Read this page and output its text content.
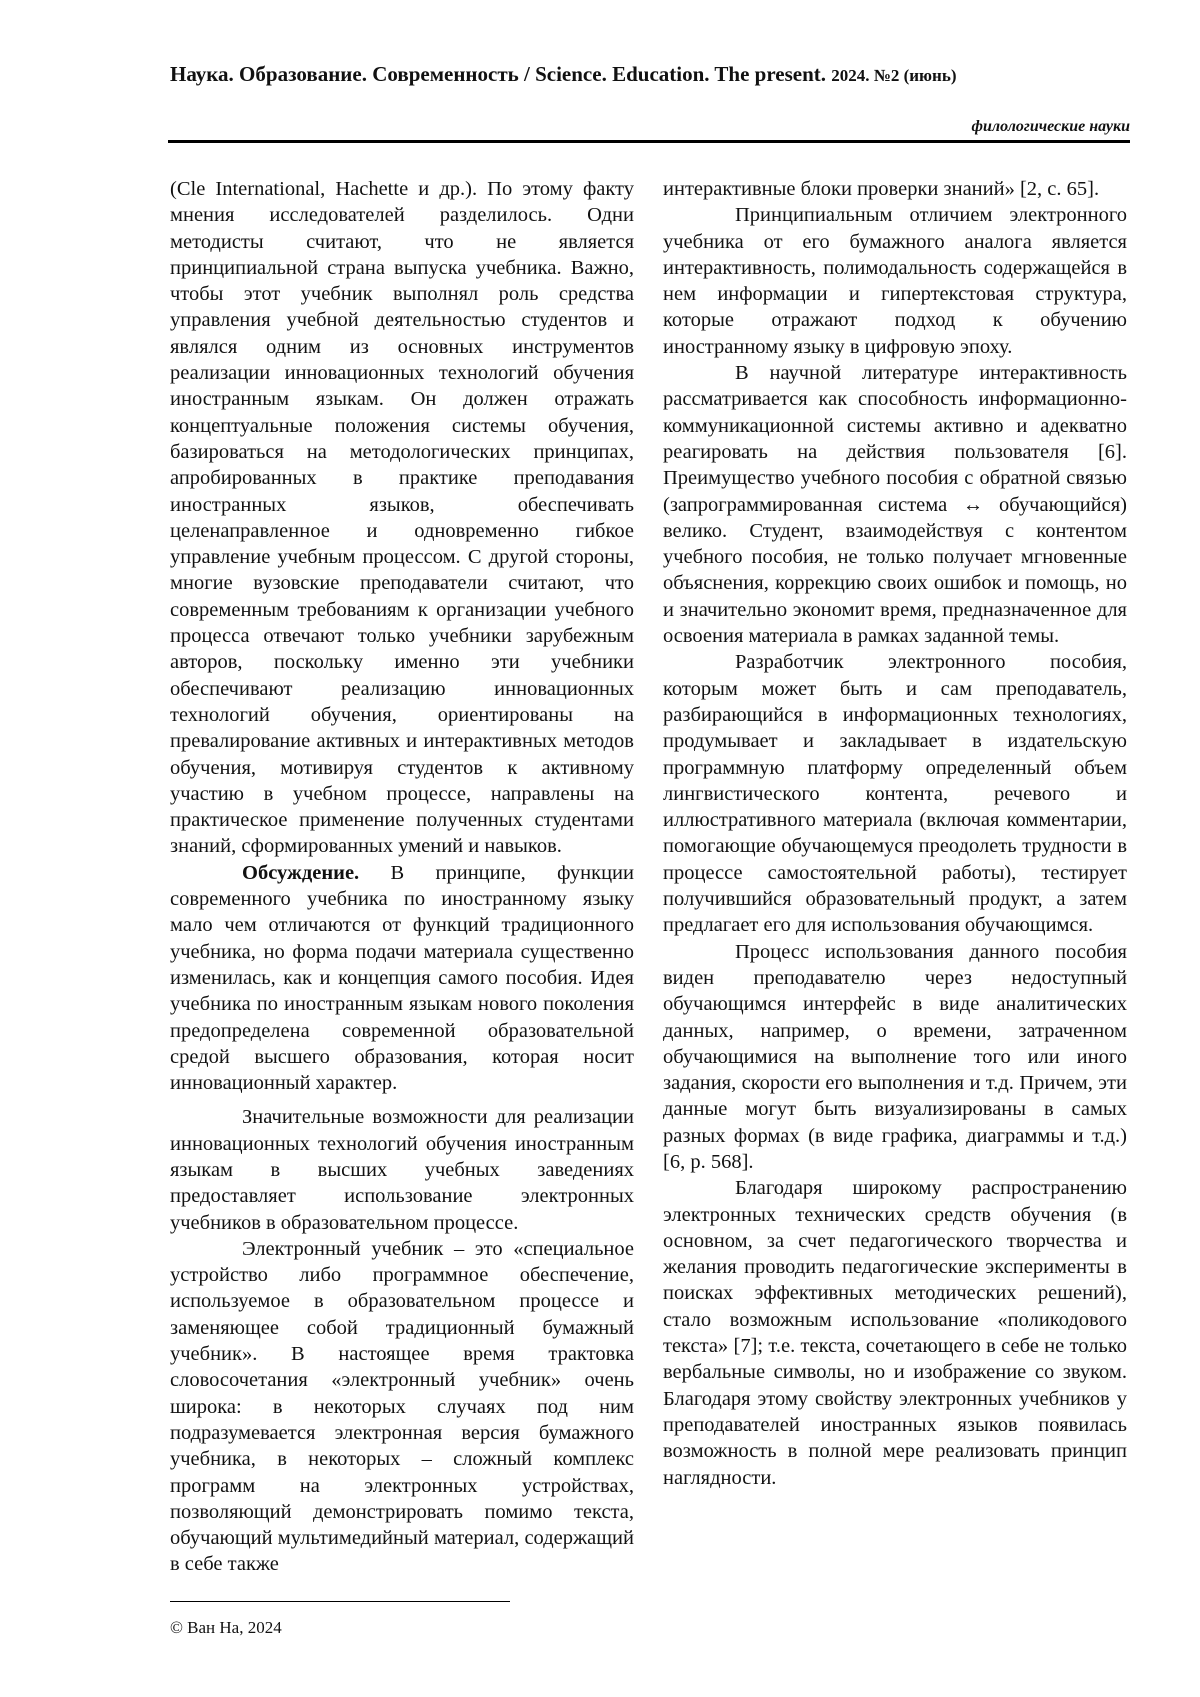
Наука. Образование. Современность / Science. Education. The present. 2024. №2 (июнь)
филологические науки

(Cle International, Hachette и др.). По этому факту мнения исследователей разделилось. Одни методисты считают, что не является принципиальной страна выпуска учебника. Важно, чтобы этот учебник выполнял роль средства управления учебной деятельностью студентов и являлся одним из основных инструментов реализации инновационных технологий обучения иностранным языкам. Он должен отражать концептуальные положения системы обучения, базироваться на методологических принципах, апробированных в практике преподавания иностранных языков, обеспечивать целенаправленное и одновременно гибкое управление учебным процессом. С другой стороны, многие вузовские преподаватели считают, что современным требованиям к организации учебного процесса отвечают только учебники зарубежным авторов, поскольку именно эти учебники обеспечивают реализацию инновационных технологий обучения, ориентированы на превалирование активных и интерактивных методов обучения, мотивируя студентов к активному участию в учебном процессе, направлены на практическое применение полученных студентами знаний, сформированных умений и навыков.

Обсуждение. В принципе, функции современного учебника по иностранному языку мало чем отличаются от функций традиционного учебника, но форма подачи материала существенно изменилась, как и концепция самого пособия. Идея учебника по иностранным языкам нового поколения предопределена современной образовательной средой высшего образования, которая носит инновационный характер.

Значительные возможности для реализации инновационных технологий обучения иностранным языкам в высших учебных заведениях предоставляет использование электронных учебников в образовательном процессе.

Электронный учебник – это «специальное устройство либо программное обеспечение, используемое в образовательном процессе и заменяющее собой традиционный бумажный учебник». В настоящее время трактовка словосочетания «электронный учебник» очень широка: в некоторых случаях под ним подразумевается электронная версия бумажного учебника, в некоторых – сложный комплекс программ на электронных устройствах, позволяющий демонстрировать помимо текста, обучающий мультимедийный материал, содержащий в себе также

интерактивные блоки проверки знаний» [2, с. 65].

Принципиальным отличием электронного учебника от его бумажного аналога является интерактивность, полимодальность содержащейся в нем информации и гипертекстовая структура, которые отражают подход к обучению иностранному языку в цифровую эпоху.

В научной литературе интерактивность рассматривается как способность информационно-коммуникационной системы активно и адекватно реагировать на действия пользователя [6]. Преимущество учебного пособия с обратной связью (запрограммированная система ↔ обучающийся) велико. Студент, взаимодействуя с контентом учебного пособия, не только получает мгновенные объяснения, коррекцию своих ошибок и помощь, но и значительно экономит время, предназначенное для освоения материала в рамках заданной темы.

Разработчик электронного пособия, которым может быть и сам преподаватель, разбирающийся в информационных технологиях, продумывает и закладывает в издательскую программную платформу определенный объем лингвистического контента, речевого и иллюстративного материала (включая комментарии, помогающие обучающемуся преодолеть трудности в процессе самостоятельной работы), тестирует получившийся образовательный продукт, а затем предлагает его для использования обучающимся.

Процесс использования данного пособия виден преподавателю через недоступный обучающимся интерфейс в виде аналитических данных, например, о времени, затраченном обучающимися на выполнение того или иного задания, скорости его выполнения и т.д. Причем, эти данные могут быть визуализированы в самых разных формах (в виде графика, диаграммы и т.д.) [6, р. 568].

Благодаря широкому распространению электронных технических средств обучения (в основном, за счет педагогического творчества и желания проводить педагогические эксперименты в поисках эффективных методических решений), стало возможным использование «поликодового текста» [7]; т.е. текста, сочетающего в себе не только вербальные символы, но и изображение со звуком. Благодаря этому свойству электронных учебников у преподавателей иностранных языков появилась возможность в полной мере реализовать принцип наглядности.

© Ван На, 2024
